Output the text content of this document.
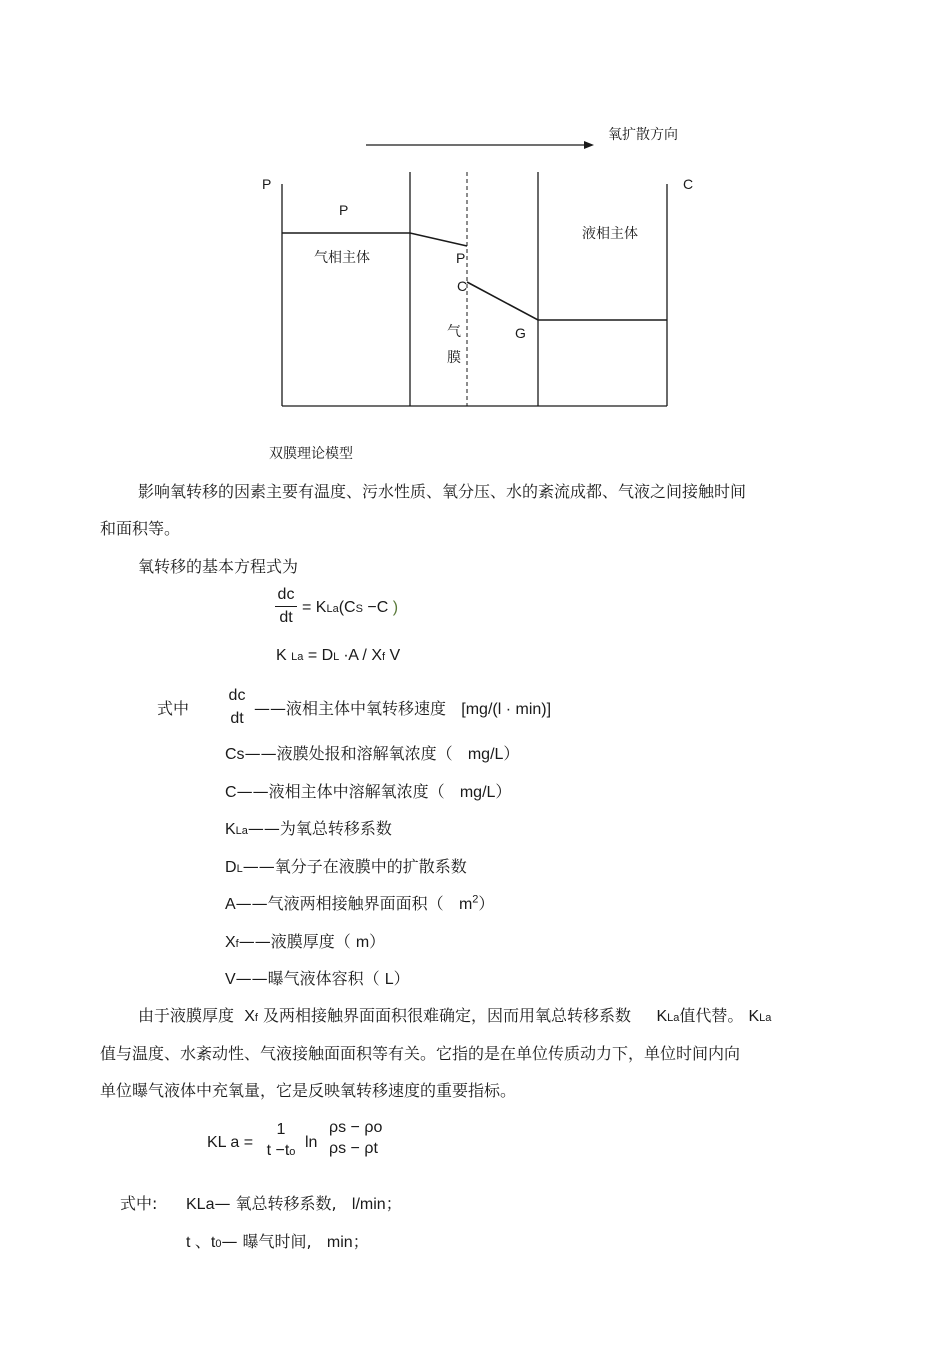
氧扩散方向
P	C
P
气相主体
液相主体
P
C
气
膜
G
双膜理论模型
影响氧转移的因素主要有温度、污水性质、氧分压、水的紊流成都、气液之间接触时间
和面积等。
氧转移的基本方程式为
dc
dt
= KLa(CS −C )
K La = DL ∙A / Xf V
式中
dc
dt
——液相主体中氧转移速度 [mg/(l · min)]
Cs——液膜处报和溶解氧浓度（ mg/L）
C——液相主体中溶解氧浓度（ mg/L）
KLa——为氧总转移系数
DL——氧分子在液膜中的扩散系数
A——气液两相接触界面面积（ $m^2$）
Xf——液膜厚度（ m）
V——曝气液体容积（ L）
由于液膜厚度 Xf 及两相接触界面面积很难确定，因而用氧总转移系数 KLa值代替。 KLa
值与温度、水紊动性、气液接触面面积等有关。它指的是在单位传质动力下，单位时间内向
单位曝气液体中充氧量，它是反映氧转移速度的重要指标。
KL a =
1
t −to
ln
ρs − ρo
ρs − ρt
式中: KLa— 氧总转移系数, l/min；
t 、t0— 曝气时间, min；
